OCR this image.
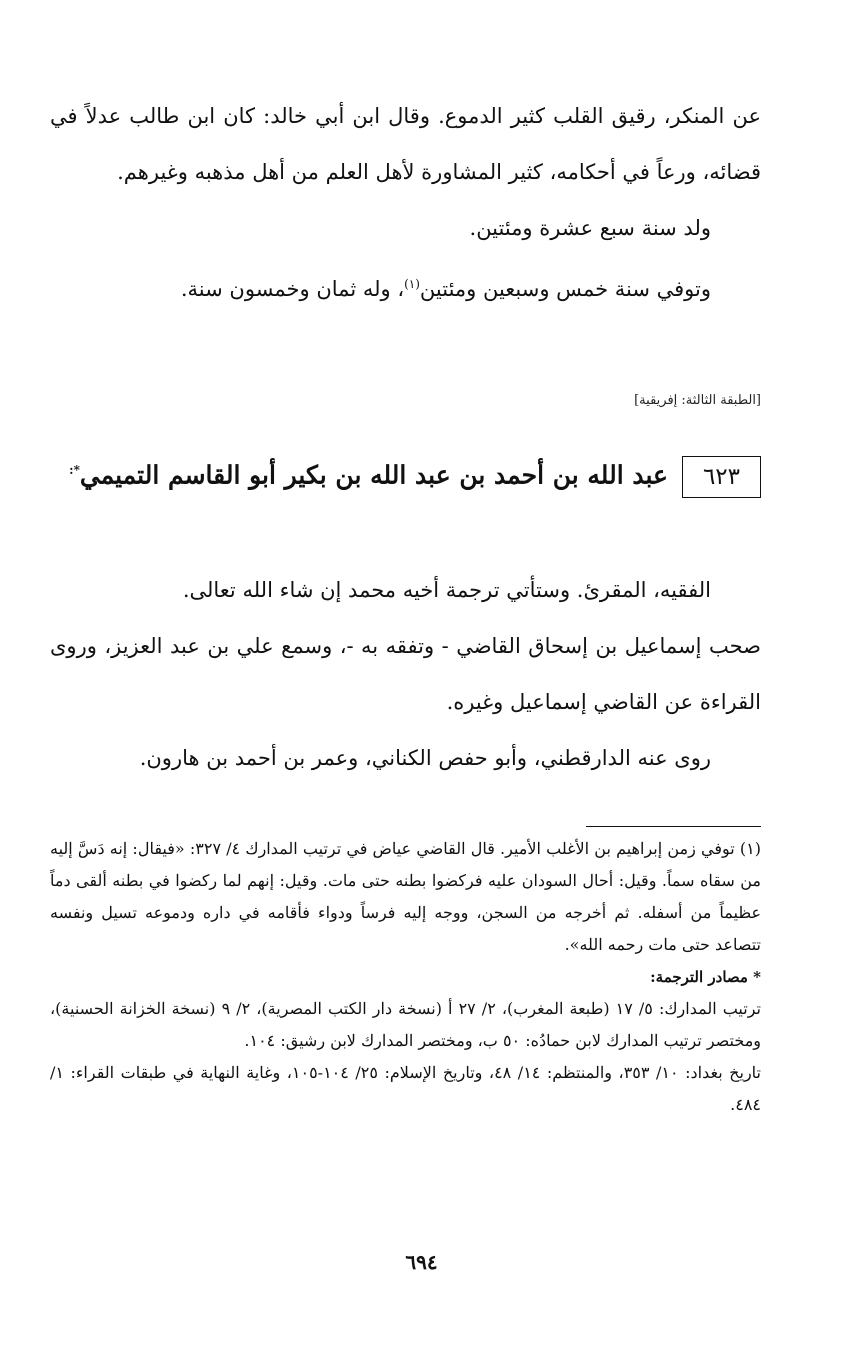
عن المنكر، رقيق القلب كثير الدموع. وقال ابن أبي خالد: كان ابن طالب عدلاً في قضائه، ورعاً في أحكامه، كثير المشاورة لأهل العلم من أهل مذهبه وغيرهم.

ولد سنة سبع عشرة ومئتين.

وتوفي سنة خمس وسبعين ومئتين$^{(١)}$، وله ثمان وخمسون سنة.

[الطبقة الثالثة: إفريقية]
٦٢٣عبد الله بن أحمد بن عبد الله بن بكير أبو القاسم التميمي*:

الفقيه، المقرئ. وستأتي ترجمة أخيه محمد إن شاء الله تعالى.

صحب إسماعيل بن إسحاق القاضي - وتفقه به -، وسمع علي بن عبد العزيز، وروى القراءة عن القاضي إسماعيل وغيره.

روى عنه الدارقطني، وأبو حفص الكناني، وعمر بن أحمد بن هارون.

(١) توفي زمن إبراهيم بن الأغلب الأمير. قال القاضي عياض في ترتيب المدارك ٤/ ٣٢٧: «فيقال: إنه دَسَّ إليه من سقاه سماً. وقيل: أحال السودان عليه فركضوا بطنه حتى مات. وقيل: إنهم لما ركضوا في بطنه ألقى دماً عظيماً من أسفله. ثم أخرجه من السجن، ووجه إليه فرساً ودواء فأقامه في داره ودموعه تسيل ونفسه تتصاعد حتى مات رحمه الله».

* مصادر الترجمة:

ترتيب المدارك: ٥/ ١٧ (طبعة المغرب)، ٢/ ٢٧ أ (نسخة دار الكتب المصرية)، ٢/ ٩ (نسخة الخزانة الحسنية)، ومختصر ترتيب المدارك لابن حمادُه: ٥٠ ب، ومختصر المدارك لابن رشيق: ١٠٤.

تاريخ بغداد: ١٠/ ٣٥٣، والمنتظم: ١٤/ ٤٨، وتاريخ الإسلام: ٢٥/ ١٠٤-١٠٥، وغاية النهاية في طبقات القراء: ١/ ٤٨٤.

٦٩٤
